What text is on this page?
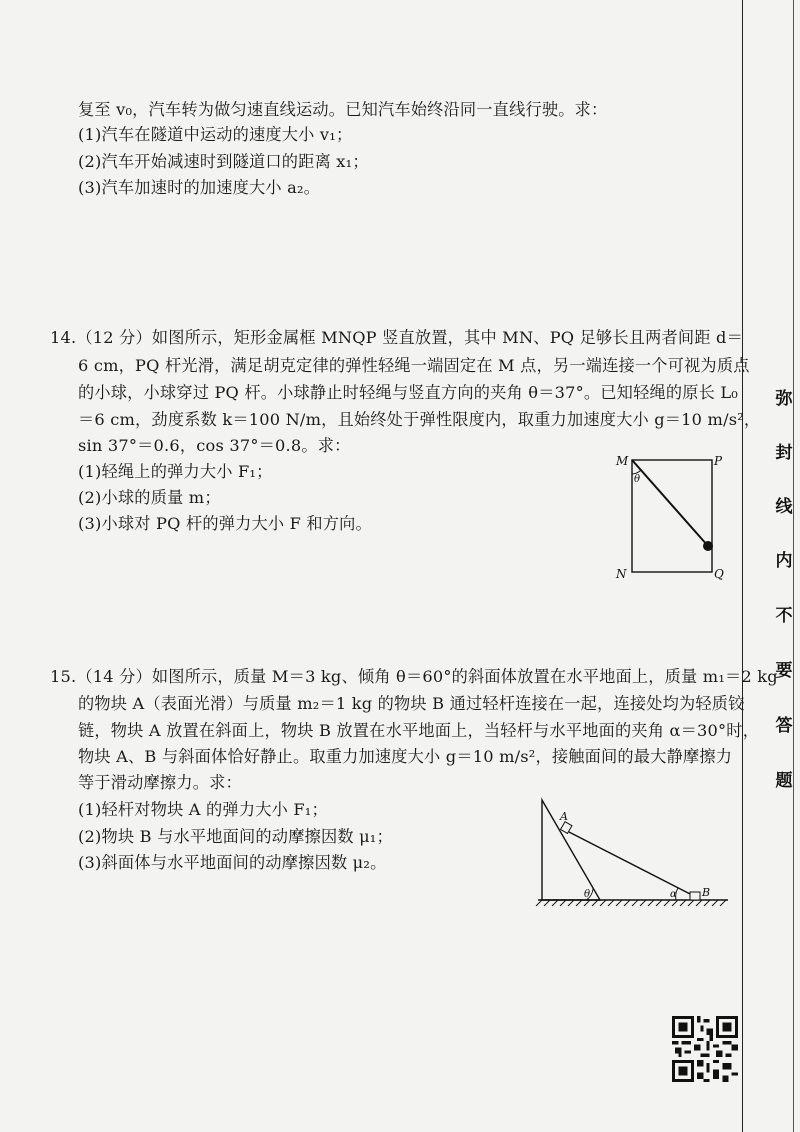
弥
封
线
内
不
要
答
题
复至 v₀，汽车转为做匀速直线运动。已知汽车始终沿同一直线行驶。求：
(1)汽车在隧道中运动的速度大小 v₁；
(2)汽车开始减速时到隧道口的距离 x₁；
(3)汽车加速时的加速度大小 a₂。
14.（12 分）如图所示，矩形金属框 MNQP 竖直放置，其中 MN、PQ 足够长且两者间距 d＝
6 cm，PQ 杆光滑，满足胡克定律的弹性轻绳一端固定在 M 点，另一端连接一个可视为质点
的小球，小球穿过 PQ 杆。小球静止时轻绳与竖直方向的夹角 θ＝37°。已知轻绳的原长 L₀
＝6 cm，劲度系数 k＝100 N/m，且始终处于弹性限度内，取重力加速度大小 g＝10 m/s²，
sin 37°＝0.6，cos 37°＝0.8。求：
(1)轻绳上的弹力大小 F₁；
(2)小球的质量 m；
(3)小球对 PQ 杆的弹力大小 F 和方向。
M	P
N	Q
θ
15.（14 分）如图所示，质量 M＝3 kg、倾角 θ＝60°的斜面体放置在水平地面上，质量 m₁＝2 kg
的物块 A（表面光滑）与质量 m₂＝1 kg 的物块 B 通过轻杆连接在一起，连接处均为轻质铰
链，物块 A 放置在斜面上，物块 B 放置在水平地面上，当轻杆与水平地面的夹角 α＝30°时，
物块 A、B 与斜面体恰好静止。取重力加速度大小 g＝10 m/s²，接触面间的最大静摩擦力
等于滑动摩擦力。求：
(1)轻杆对物块 A 的弹力大小 F₁；
(2)物块 B 与水平地面间的动摩擦因数 μ₁；
(3)斜面体与水平地面间的动摩擦因数 μ₂。
A
B
θ	α
